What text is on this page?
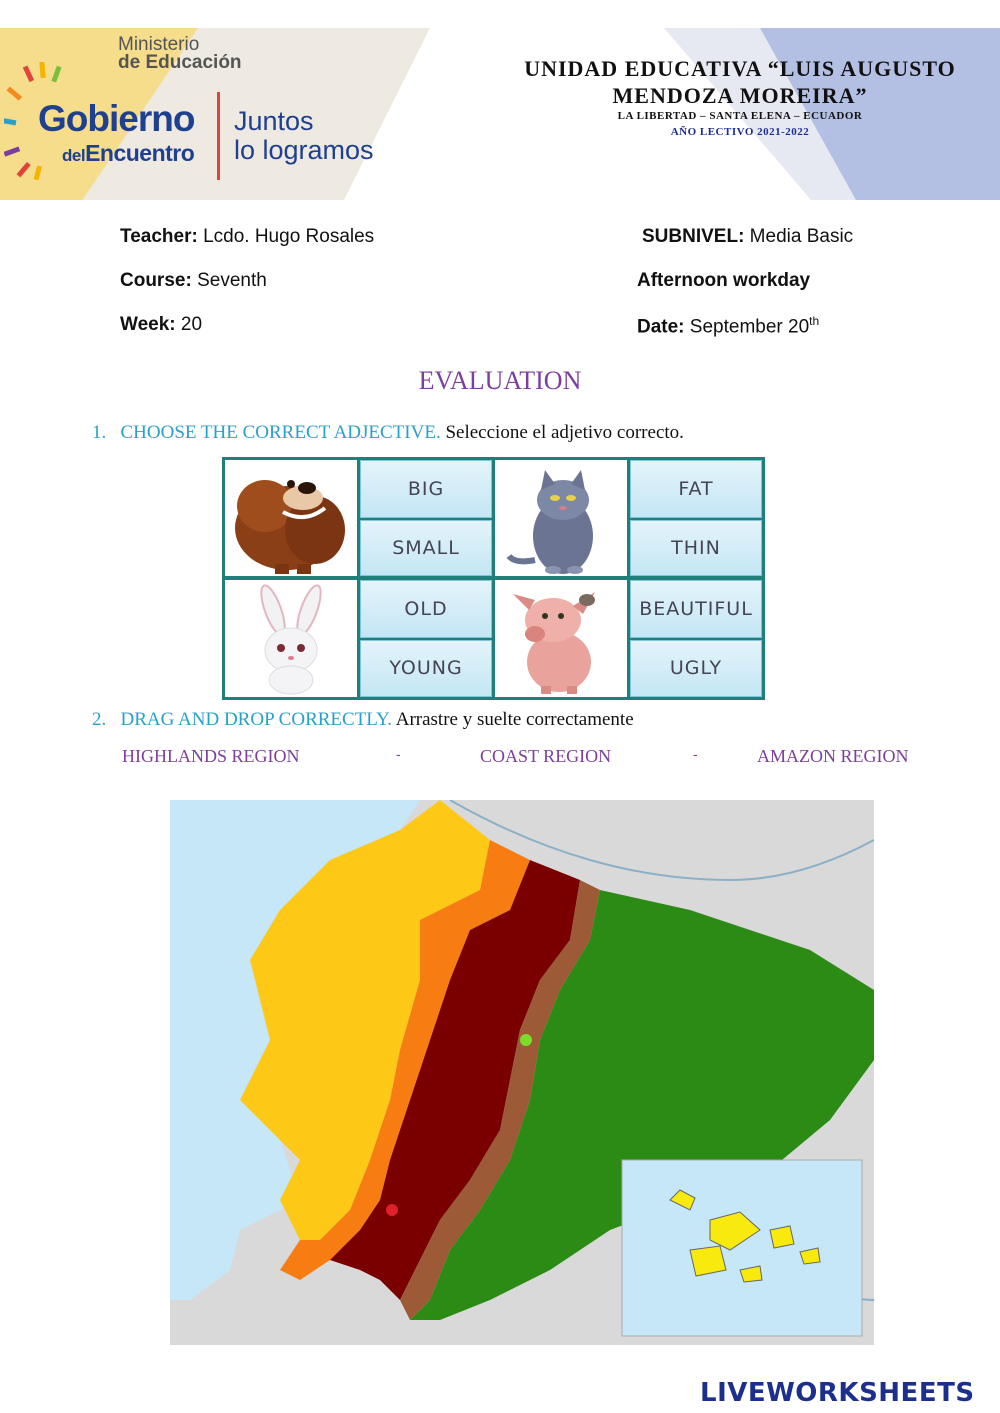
Ministerio
de Educación
Gobierno
delEncuentro
Juntos
lo logramos
UNIDAD EDUCATIVA “LUIS AUGUSTO
MENDOZA MOREIRA”
LA LIBERTAD – SANTA ELENA – ECUADOR
AÑO LECTIVO 2021-2022
Teacher: Lcdo. Hugo Rosales	SUBNIVEL: Media Basic
Course: Seventh	Afternoon workday
Week: 20	Date: September 20th
EVALUATION
1. CHOOSE THE CORRECT ADJECTIVE. Seleccione el adjetivo correcto.
BIG
SMALL
FAT
THIN
OLD
YOUNG
BEAUTIFUL
UGLY
2. DRAG AND DROP CORRECTLY. Arrastre y suelte correctamente
HIGHLANDS REGION	-	COAST REGION	-	AMAZON REGION
LIVEWORKSHEETS
